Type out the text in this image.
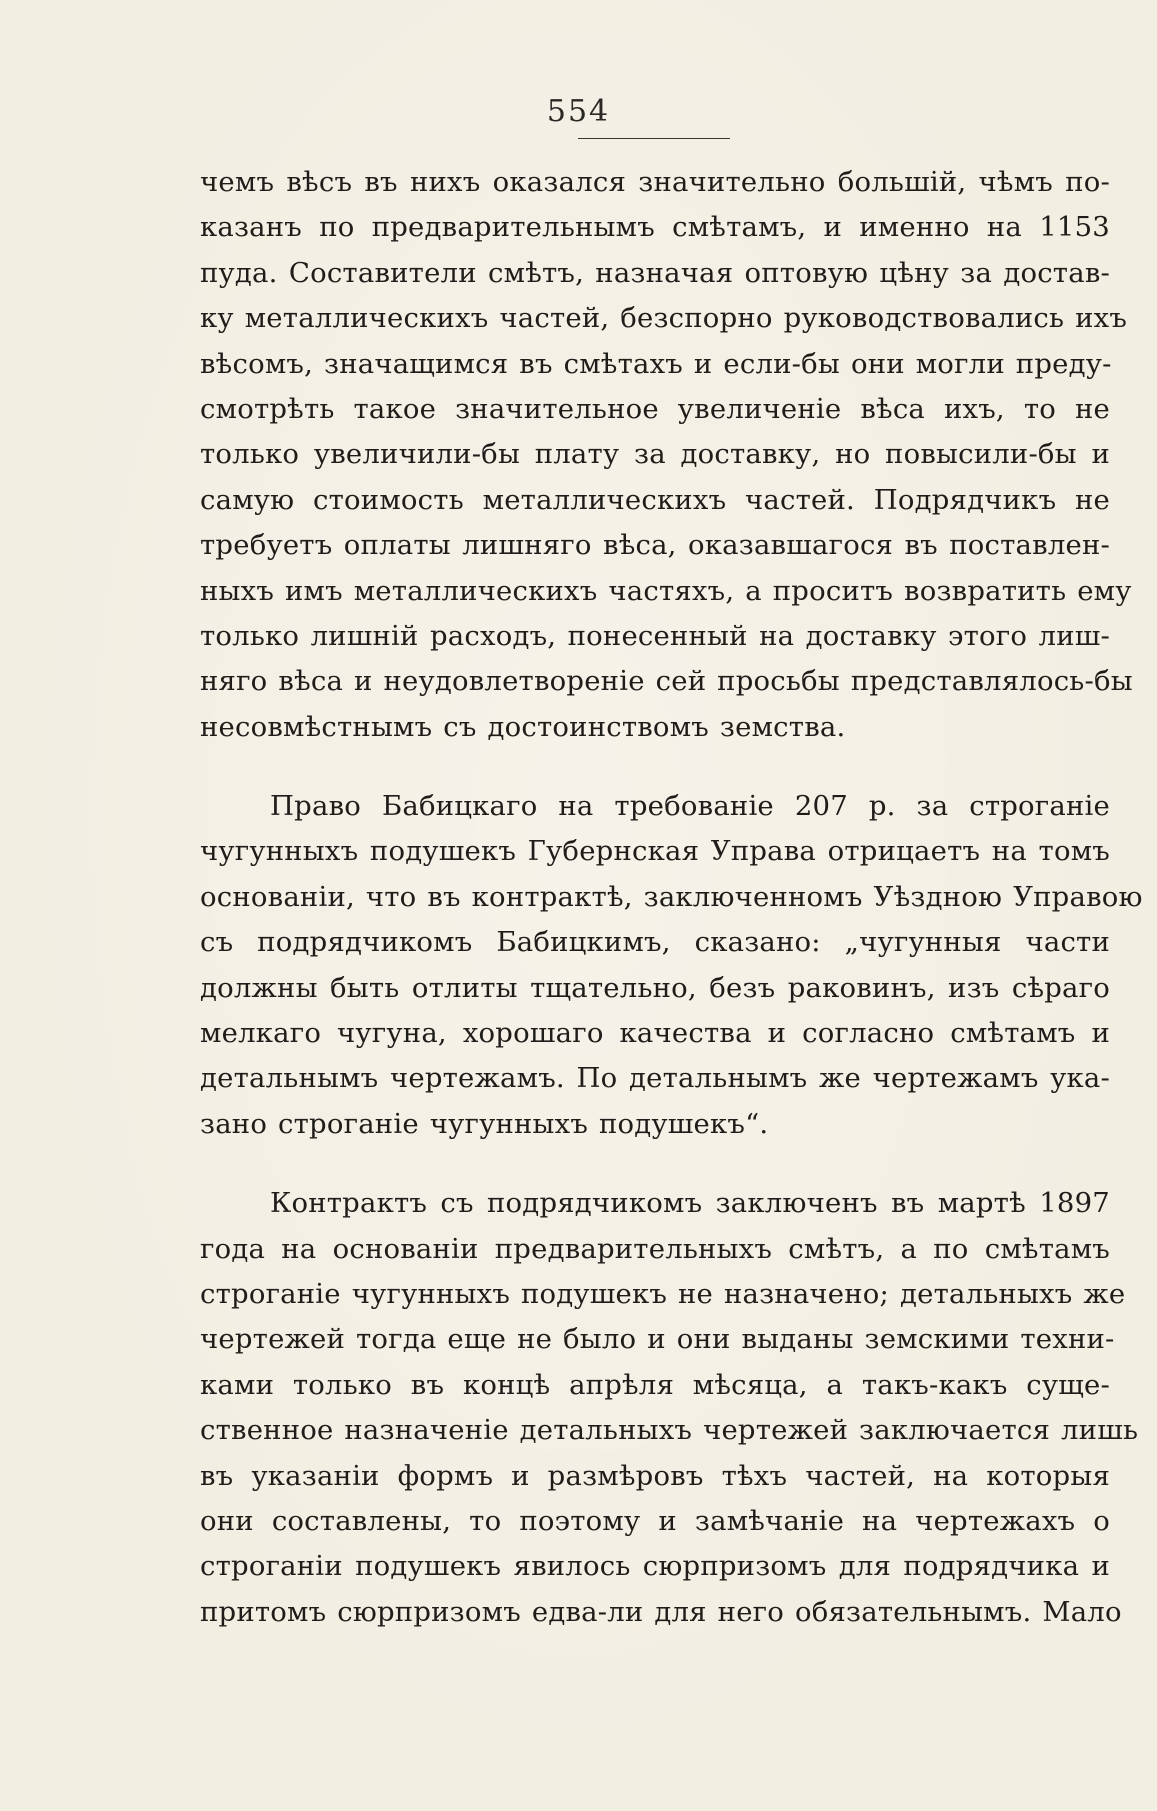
554
чемъ вѣсъ въ нихъ оказался значительно большій, чѣмъ по-
казанъ по предварительнымъ смѣтамъ, и именно на 1153
пуда. Составители смѣтъ, назначая оптовую цѣну за достав-
ку металлическихъ частей, безспорно руководствовались ихъ
вѣсомъ, значащимся въ смѣтахъ и если-бы они могли преду-
смотрѣть такое значительное увеличеніе вѣса ихъ, то не
только увеличили-бы плату за доставку, но повысили-бы и
самую стоимость металлическихъ частей. Подрядчикъ не
требуетъ оплаты лишняго вѣса, оказавшагося въ поставлен-
ныхъ имъ металлическихъ частяхъ, а проситъ возвратить ему
только лишній расходъ, понесенный на доставку этого лиш-
няго вѣса и неудовлетвореніе сей просьбы представлялось-бы
несовмѣстнымъ съ достоинствомъ земства.
Право Бабицкаго на требованіе 207 р. за строганіе
чугунныхъ подушекъ Губернская Управа отрицаетъ на томъ
основаніи, что въ контрактѣ, заключенномъ Уѣздною Управою
съ подрядчикомъ Бабицкимъ, сказано: „чугунныя части
должны быть отлиты тщательно, безъ раковинъ, изъ сѣраго
мелкаго чугуна, хорошаго качества и согласно смѣтамъ и
детальнымъ чертежамъ. По детальнымъ же чертежамъ ука-
зано строганіе чугунныхъ подушекъ“.
Контрактъ съ подрядчикомъ заключенъ въ мартѣ 1897
года на основаніи предварительныхъ смѣтъ, а по смѣтамъ
строганіе чугунныхъ подушекъ не назначено; детальныхъ же
чертежей тогда еще не было и они выданы земскими техни-
ками только въ концѣ апрѣля мѣсяца, а такъ-какъ суще-
ственное назначеніе детальныхъ чертежей заключается лишь
въ указаніи формъ и размѣровъ тѣхъ частей, на которыя
они составлены, то поэтому и замѣчаніе на чертежахъ о
строганіи подушекъ явилось сюрпризомъ для подрядчика и
притомъ сюрпризомъ едва-ли для него обязательнымъ. Мало
